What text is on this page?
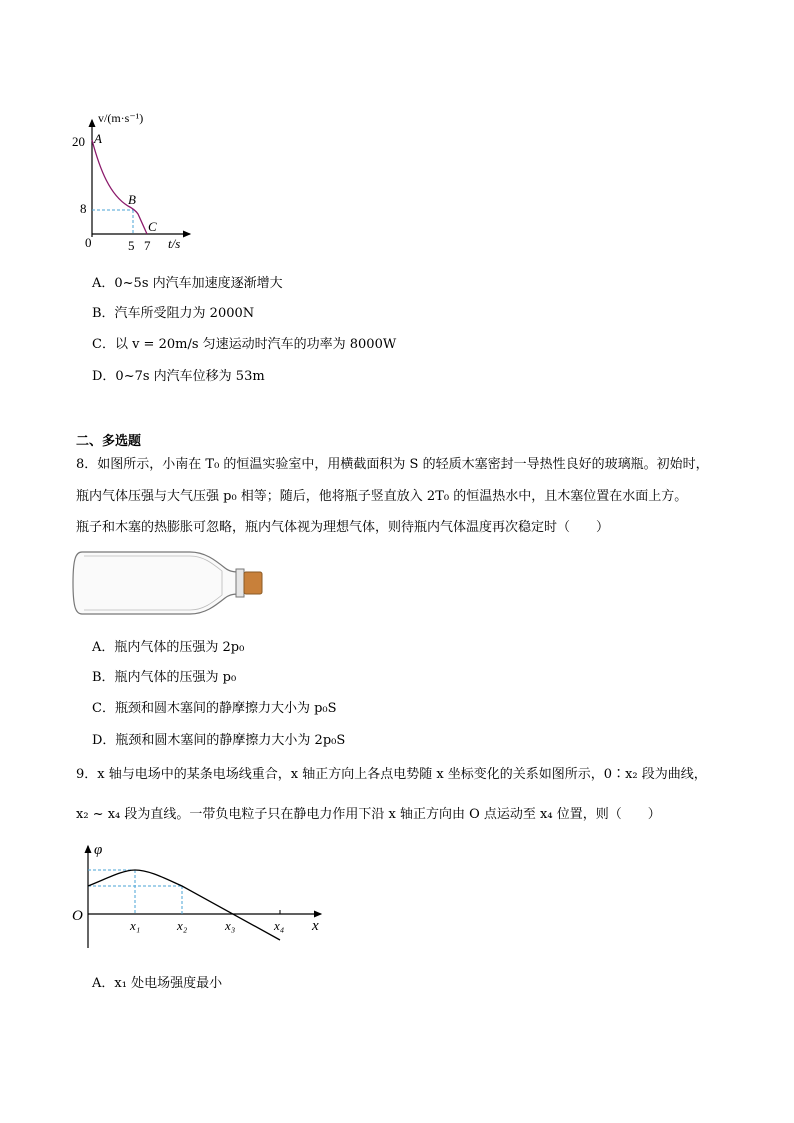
v/(m·s⁻¹)
20
8
0	5 7 t/s
A
B
C
A．0~5s 内汽车加速度逐渐增大
B．汽车所受阻力为 2000N
C．以 v = 20m/s 匀速运动时汽车的功率为 8000W
D．0~7s 内汽车位移为 53m
二、多选题
8．如图所示，小南在 T₀ 的恒温实验室中，用横截面积为 S 的轻质木塞密封一导热性良好的玻璃瓶。初始时，
瓶内气体压强与大气压强 p₀ 相等；随后，他将瓶子竖直放入 2T₀ 的恒温热水中，且木塞位置在水面上方。
瓶子和木塞的热膨胀可忽略，瓶内气体视为理想气体，则待瓶内气体温度再次稳定时（　　）
A．瓶内气体的压强为 2p₀
B．瓶内气体的压强为 p₀
C．瓶颈和圆木塞间的静摩擦力大小为 p₀S
D．瓶颈和圆木塞间的静摩擦力大小为 2p₀S
9．x 轴与电场中的某条电场线重合，x 轴正方向上各点电势随 x 坐标变化的关系如图所示，0∶x₂ 段为曲线，
x₂ ~ x₄ 段为直线。一带负电粒子只在静电力作用下沿 x 轴正方向由 O 点运动至 x₄ 位置，则（　　）
φ
O
x
x₁	x₂	x₃	x₄
A．x₁ 处电场强度最小
